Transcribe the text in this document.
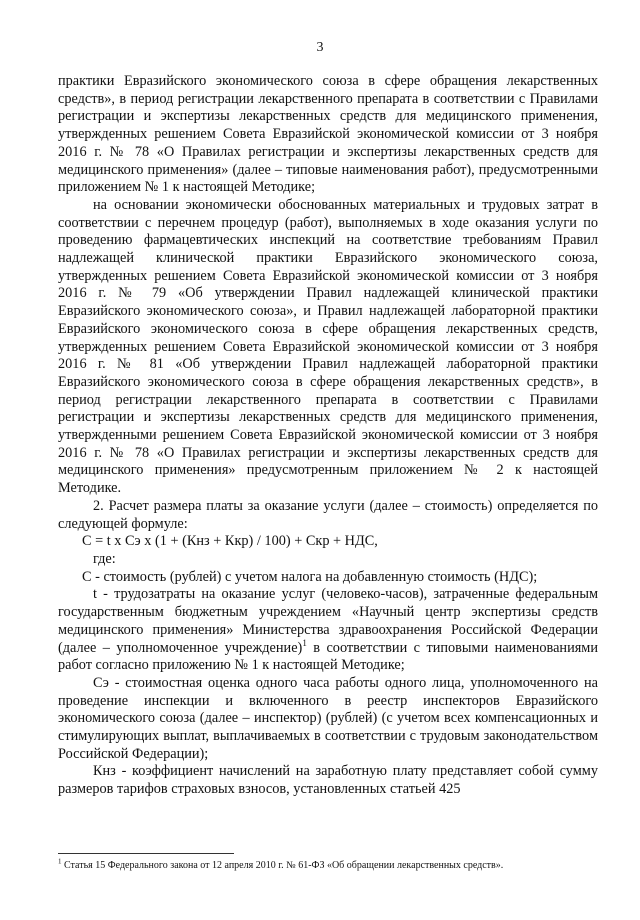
3

практики Евразийского экономического союза в сфере обращения лекарственных средств», в период регистрации лекарственного препарата в соответствии с Правилами регистрации и экспертизы лекарственных средств для медицинского применения, утвержденных решением Совета Евразийской экономической комиссии от 3 ноября 2016 г. № 78 «О Правилах регистрации и экспертизы лекарственных средств для медицинского применения» (далее – типовые наименования работ), предусмотренными приложением № 1 к настоящей Методике;

на основании экономически обоснованных материальных и трудовых затрат в соответствии с перечнем процедур (работ), выполняемых в ходе оказания услуги по проведению фармацевтических инспекций на соответствие требованиям Правил надлежащей клинической практики Евразийского экономического союза, утвержденных решением Совета Евразийской экономической комиссии от 3 ноября 2016 г. № 79 «Об утверждении Правил надлежащей клинической практики Евразийского экономического союза», и Правил надлежащей лабораторной практики Евразийского экономического союза в сфере обращения лекарственных средств, утвержденных решением Совета Евразийской экономической комиссии от 3 ноября 2016 г. № 81 «Об утверждении Правил надлежащей лабораторной практики Евразийского экономического союза в сфере обращения лекарственных средств», в период регистрации лекарственного препарата в соответствии с Правилами регистрации и экспертизы лекарственных средств для медицинского применения, утвержденными решением Совета Евразийской экономической комиссии от 3 ноября 2016 г. № 78 «О Правилах регистрации и экспертизы лекарственных средств для медицинского применения» предусмотренным приложением № 2 к настоящей Методике.

2. Расчет размера платы за оказание услуги (далее – стоимость) определяется по следующей формуле:

C = t x Cэ x (1 + (Кнз + Ккр) / 100) + Скр + НДС,

где:

С - стоимость (рублей) с учетом налога на добавленную стоимость (НДС);

t - трудозатраты на оказание услуг (человеко-часов), затраченные федеральным государственным бюджетным учреждением «Научный центр экспертизы средств медицинского применения» Министерства здравоохранения Российской Федерации (далее – уполномоченное учреждение)$^1$ в соответствии с типовыми наименованиями работ согласно приложению № 1 к настоящей Методике;

Сэ - стоимостная оценка одного часа работы одного лица, уполномоченного на проведение инспекции и включенного в реестр инспекторов Евразийского экономического союза (далее – инспектор) (рублей) (с учетом всех компенсационных и стимулирующих выплат, выплачиваемых в соответствии с трудовым законодательством Российской Федерации);

Кнз - коэффициент начислений на заработную плату представляет собой сумму размеров тарифов страховых взносов, установленных статьей 425

$^1$ Статья 15 Федерального закона от 12 апреля 2010 г. № 61-ФЗ «Об обращении лекарственных средств».
